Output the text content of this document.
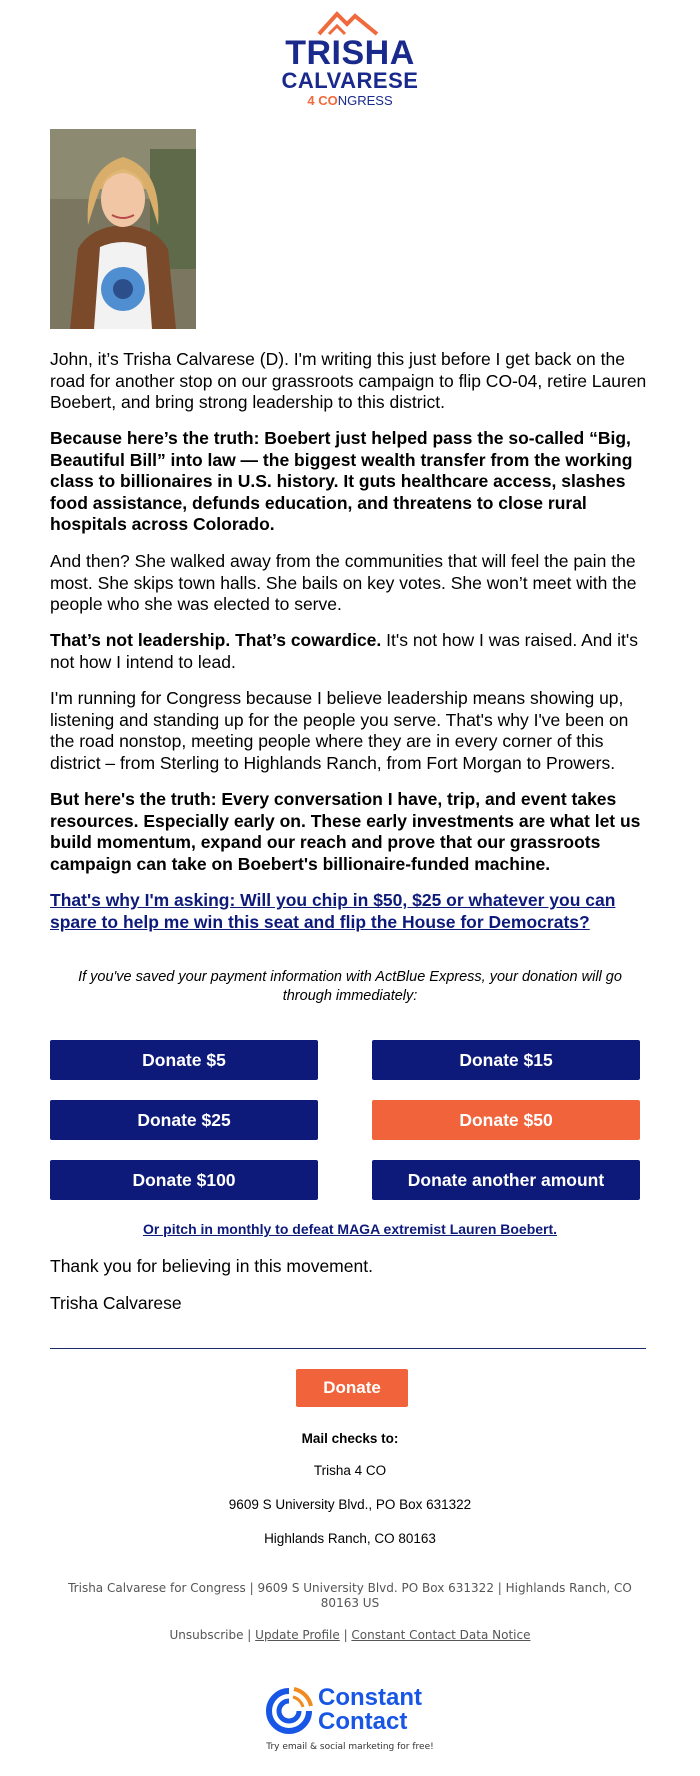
TRISHA
CALVARESE
4 CONGRESS

John, it’s Trisha Calvarese (D). I'm writing this just before I get back on the road for another stop on our grassroots campaign to flip CO-04, retire Lauren Boebert, and bring strong leadership to this district.

Because here’s the truth: Boebert just helped pass the so-called “Big, Beautiful Bill” into law — the biggest wealth transfer from the working class to billionaires in U.S. history. It guts healthcare access, slashes food assistance, defunds education, and threatens to close rural hospitals across Colorado.

And then? She walked away from the communities that will feel the pain the most. She skips town halls. She bails on key votes. She won’t meet with the people who she was elected to serve.

That’s not leadership. That’s cowardice. It's not how I was raised. And it's not how I intend to lead.

I'm running for Congress because I believe leadership means showing up, listening and standing up for the people you serve. That's why I've been on the road nonstop, meeting people where they are in every corner of this district – from Sterling to Highlands Ranch, from Fort Morgan to Prowers.

But here's the truth: Every conversation I have, trip, and event takes resources. Especially early on. These early investments are what let us build momentum, expand our reach and prove that our grassroots campaign can take on Boebert's billionaire-funded machine.

That's why I'm asking: Will you chip in $50, $25 or whatever you can spare to help me win this seat and flip the House for Democrats?

If you've saved your payment information with ActBlue Express, your donation will go through immediately:
Donate $5	Donate $15
Donate $25	Donate $50
Donate $100	Donate another amount
Or pitch in monthly to defeat MAGA extremist Lauren Boebert.

Thank you for believing in this movement.

Trisha Calvarese

Donate
Mail checks to:
Trisha 4 CO
9609 S University Blvd., PO Box 631322
Highlands Ranch, CO 80163
Trisha Calvarese for Congress | 9609 S University Blvd. PO Box 631322 | Highlands Ranch, CO 80163 US
Unsubscribe | Update Profile | Constant Contact Data Notice
Constant
Contact
Try email & social marketing for free!
